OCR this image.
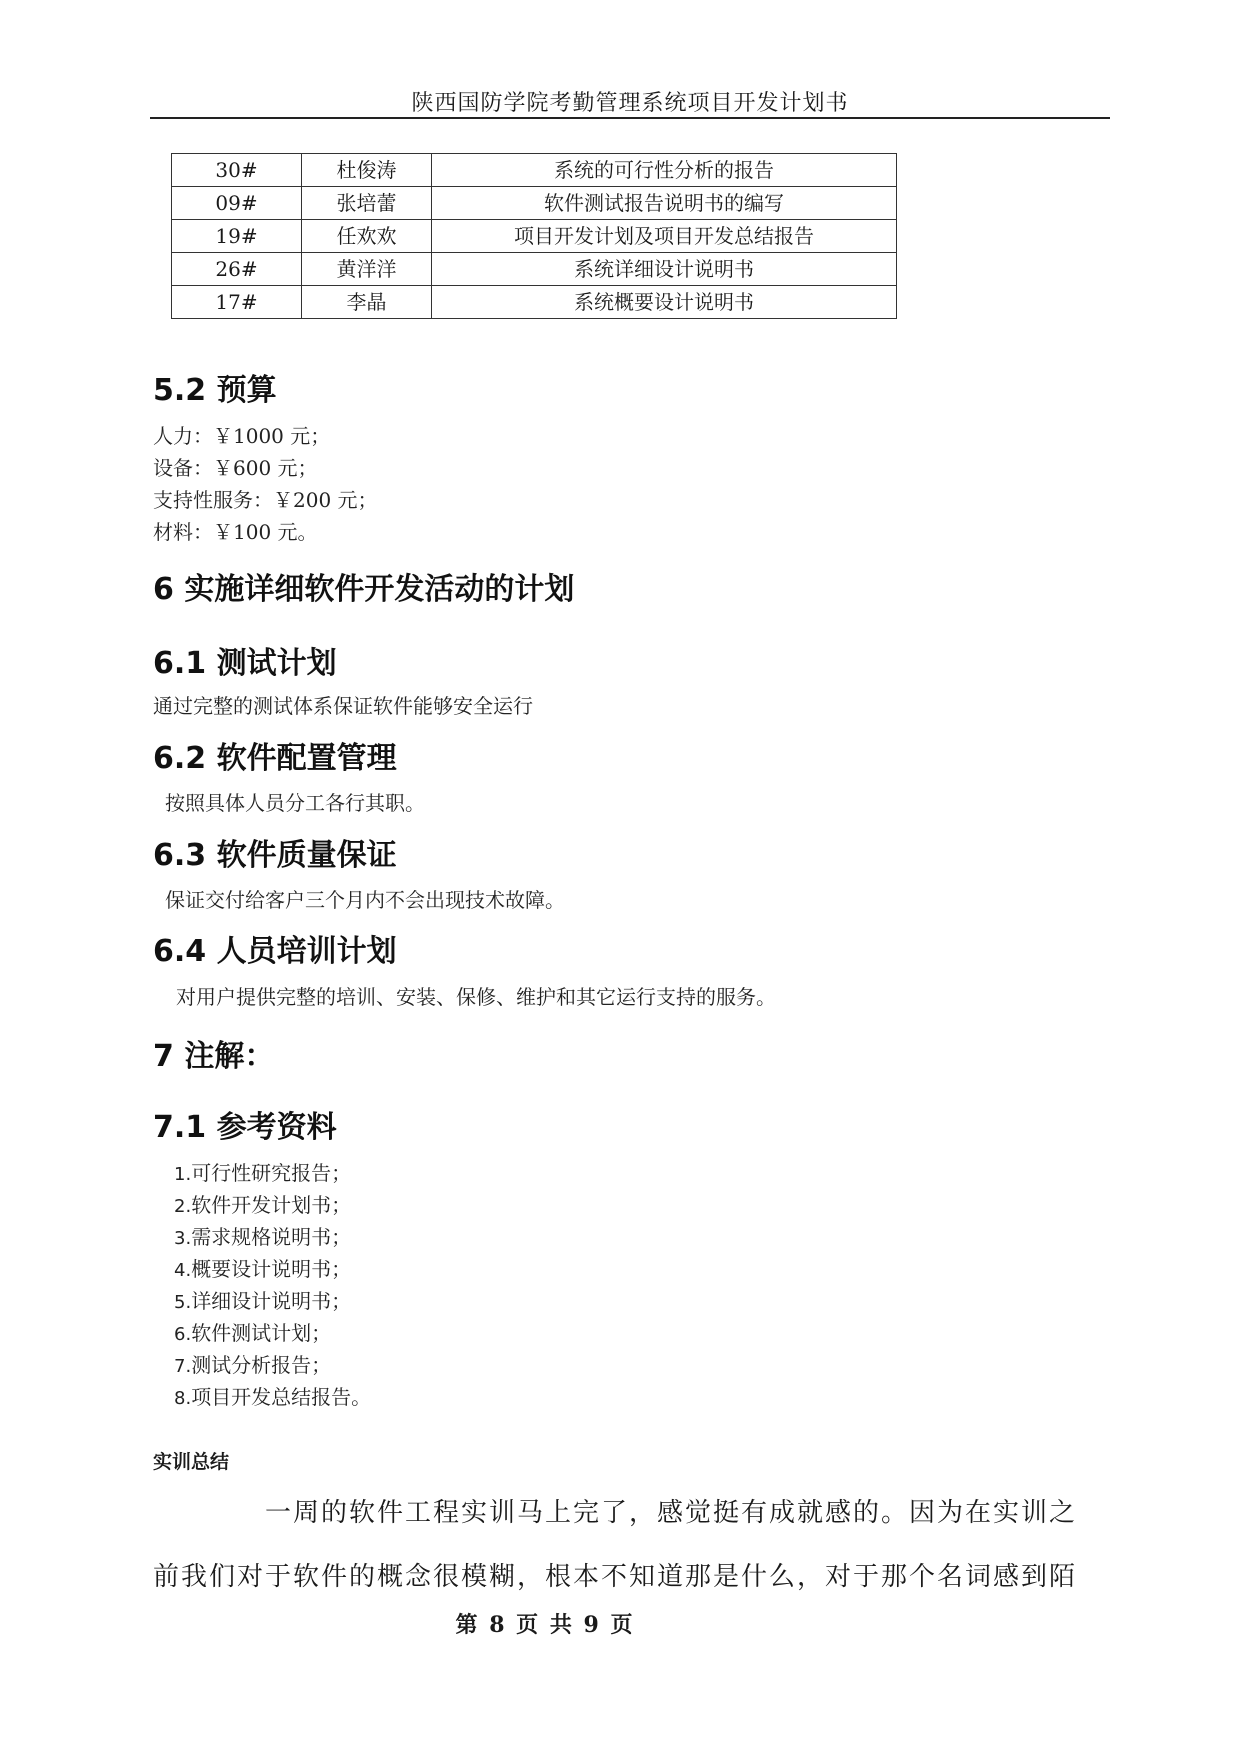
陕西国防学院考勤管理系统项目开发计划书
30#	杜俊涛	系统的可行性分析的报告
09#	张培蕾	软件测试报告说明书的编写
19#	任欢欢	项目开发计划及项目开发总结报告
26#	黄洋洋	系统详细设计说明书
17#	李晶	系统概要设计说明书
5.2 预算
人力：￥1000 元；
设备：￥600 元；
支持性服务：￥200 元；
材料：￥100 元。
6 实施详细软件开发活动的计划
6.1 测试计划
通过完整的测试体系保证软件能够安全运行
6.2 软件配置管理
按照具体人员分工各行其职。
6.3 软件质量保证
保证交付给客户三个月内不会出现技术故障。
6.4 人员培训计划
对用户提供完整的培训、安装、保修、维护和其它运行支持的服务。
7 注解：
7.1 参考资料
1.可行性研究报告；
2.软件开发计划书；
3.需求规格说明书；
4.概要设计说明书；
5.详细设计说明书；
6.软件测试计划；
7.测试分析报告；
8.项目开发总结报告。
实训总结
一周的软件工程实训马上完了，感觉挺有成就感的。因为在实训之
前我们对于软件的概念很模糊，根本不知道那是什么，对于那个名词感到陌
第 8 页 共 9 页
